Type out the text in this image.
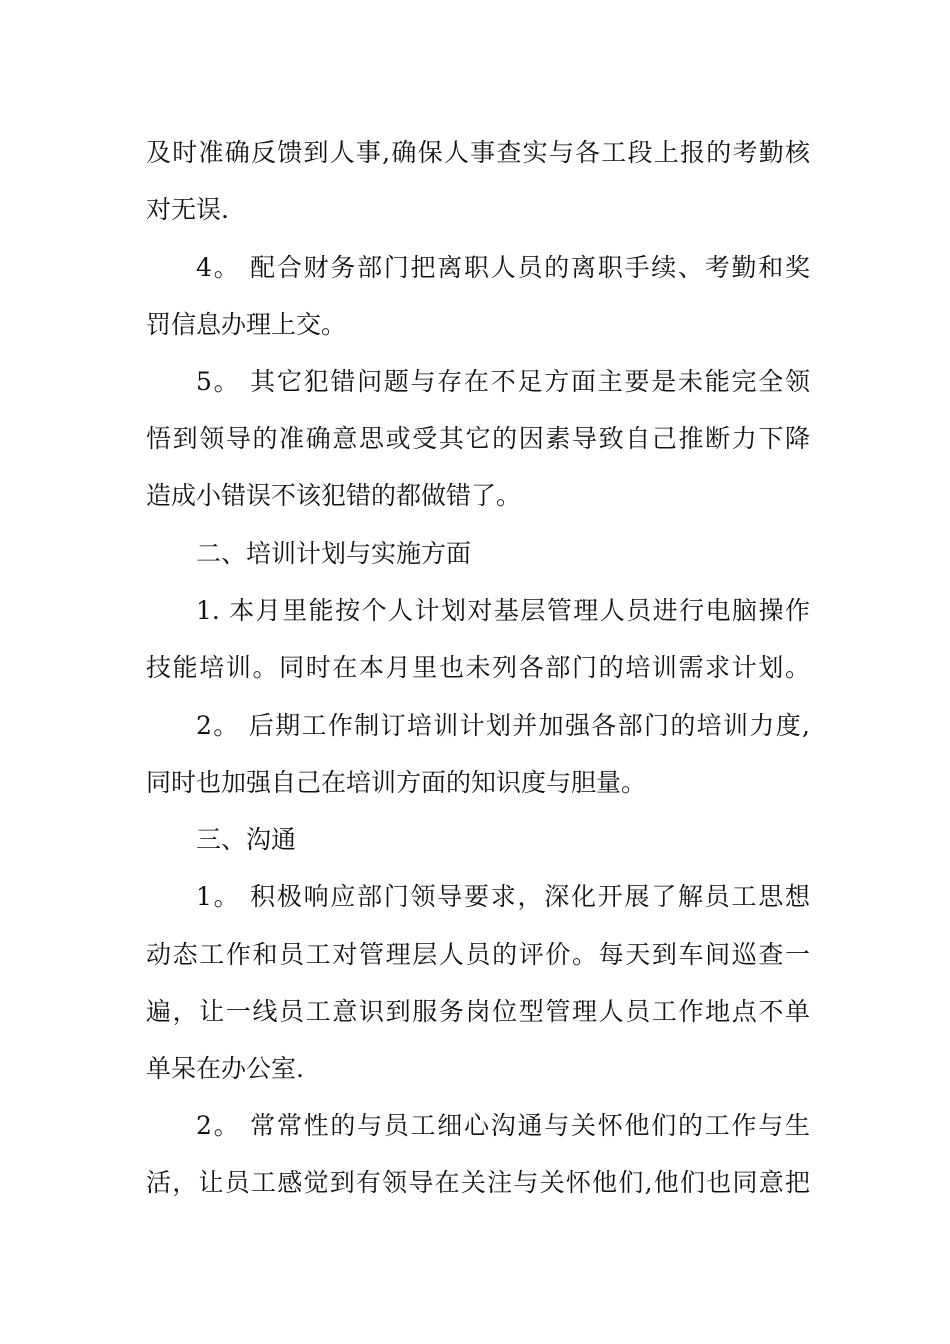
及时准确反馈到人事,确保人事查实与各工段上报的考勤核
对无误.
4。 配合财务部门把离职人员的离职手续、考勤和奖
罚信息办理上交。
5。 其它犯错问题与存在不足方面主要是未能完全领
悟到领导的准确意思或受其它的因素导致自己推断力下降
造成小错误不该犯错的都做错了。
二、培训计划与实施方面
1. 本月里能按个人计划对基层管理人员进行电脑操作
技能培训。同时在本月里也未列各部门的培训需求计划。
2。 后期工作制订培训计划并加强各部门的培训力度,
同时也加强自己在培训方面的知识度与胆量。
三、沟通
1。 积极响应部门领导要求，深化开展了解员工思想
动态工作和员工对管理层人员的评价。每天到车间巡查一
遍，让一线员工意识到服务岗位型管理人员工作地点不单
单呆在办公室.
2。 常常性的与员工细心沟通与关怀他们的工作与生
活，让员工感觉到有领导在关注与关怀他们,他们也同意把
